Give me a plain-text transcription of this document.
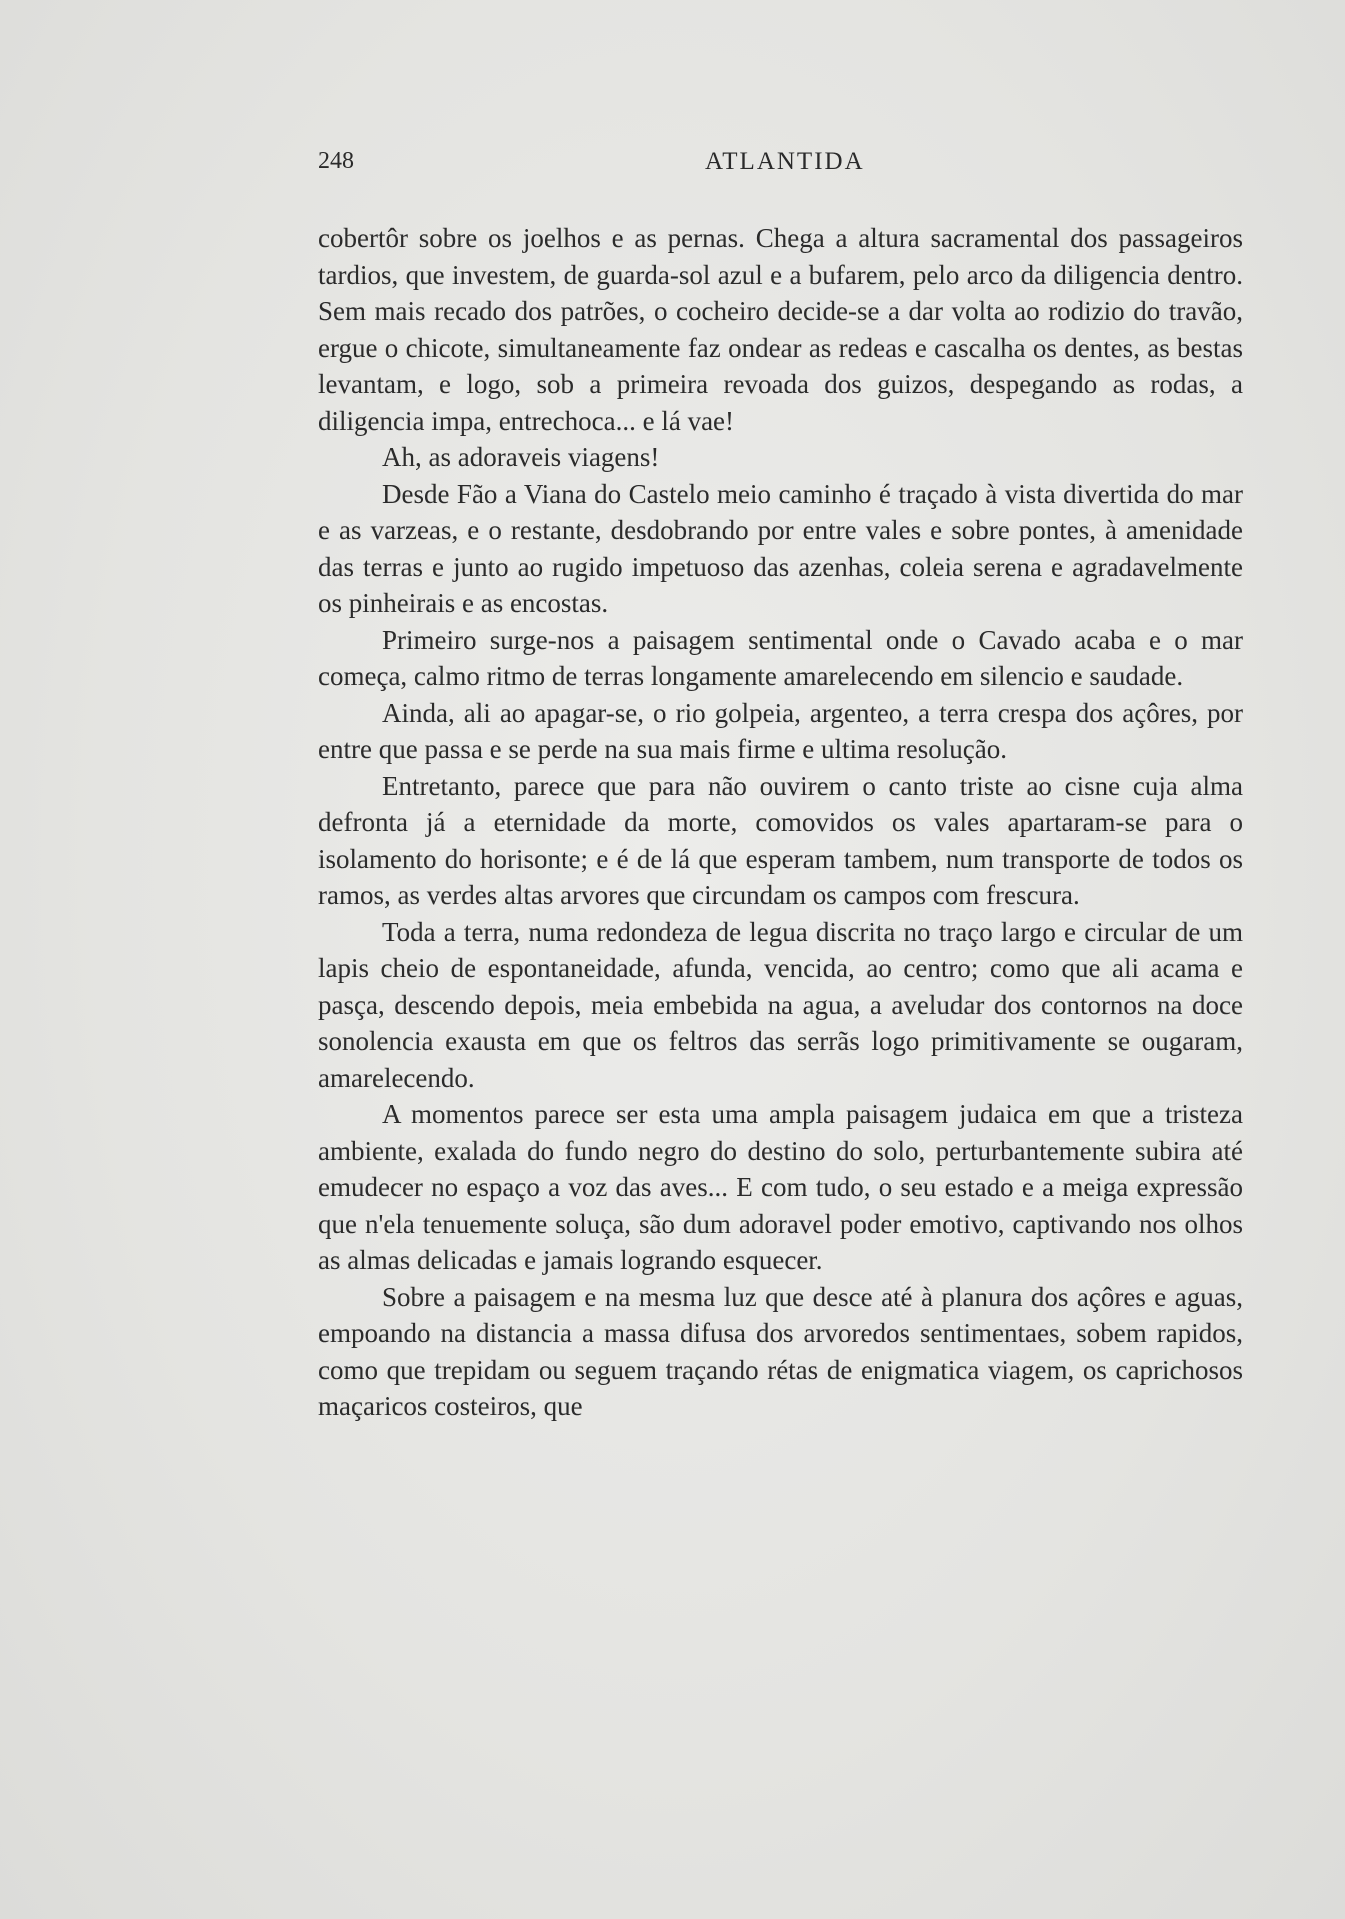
248	ATLANTIDA

cobertôr sobre os joelhos e as pernas. Chega a altura sacramental dos passageiros tardios, que investem, de guarda-sol azul e a bufarem, pelo arco da diligencia dentro. Sem mais recado dos patrões, o cocheiro decide-se a dar volta ao rodizio do travão, ergue o chicote, simultaneamente faz ondear as redeas e cascalha os dentes, as bestas levantam, e logo, sob a primeira revoada dos guizos, despegando as rodas, a diligencia impa, entrechoca... e lá vae!

Ah, as adoraveis viagens!

Desde Fão a Viana do Castelo meio caminho é traçado à vista divertida do mar e as varzeas, e o restante, desdobrando por entre vales e sobre pontes, à amenidade das terras e junto ao rugido impetuoso das azenhas, coleia serena e agradavelmente os pinheirais e as encostas.

Primeiro surge-nos a paisagem sentimental onde o Cavado acaba e o mar começa, calmo ritmo de terras longamente amarelecendo em silencio e saudade.

Ainda, ali ao apagar-se, o rio golpeia, argenteo, a terra crespa dos açôres, por entre que passa e se perde na sua mais firme e ultima resolução.

Entretanto, parece que para não ouvirem o canto triste ao cisne cuja alma defronta já a eternidade da morte, comovidos os vales apartaram-se para o isolamento do horisonte; e é de lá que esperam tambem, num transporte de todos os ramos, as verdes altas arvores que circundam os campos com frescura.

Toda a terra, numa redondeza de legua discrita no traço largo e circular de um lapis cheio de espontaneidade, afunda, vencida, ao centro; como que ali acama e pasça, descendo depois, meia embebida na agua, a aveludar dos contornos na doce sonolencia exausta em que os feltros das serrãs logo primitivamente se ougaram, amarelecendo.

A momentos parece ser esta uma ampla paisagem judaica em que a tristeza ambiente, exalada do fundo negro do destino do solo, perturbantemente subira até emudecer no espaço a voz das aves... E com tudo, o seu estado e a meiga expressão que n'ela tenuemente soluça, são dum adoravel poder emotivo, captivando nos olhos as almas delicadas e jamais logrando esquecer.

Sobre a paisagem e na mesma luz que desce até à planura dos açôres e aguas, empoando na distancia a massa difusa dos arvoredos sentimentaes, sobem rapidos, como que trepidam ou seguem traçando rétas de enigmatica viagem, os caprichosos maçaricos costeiros, que
